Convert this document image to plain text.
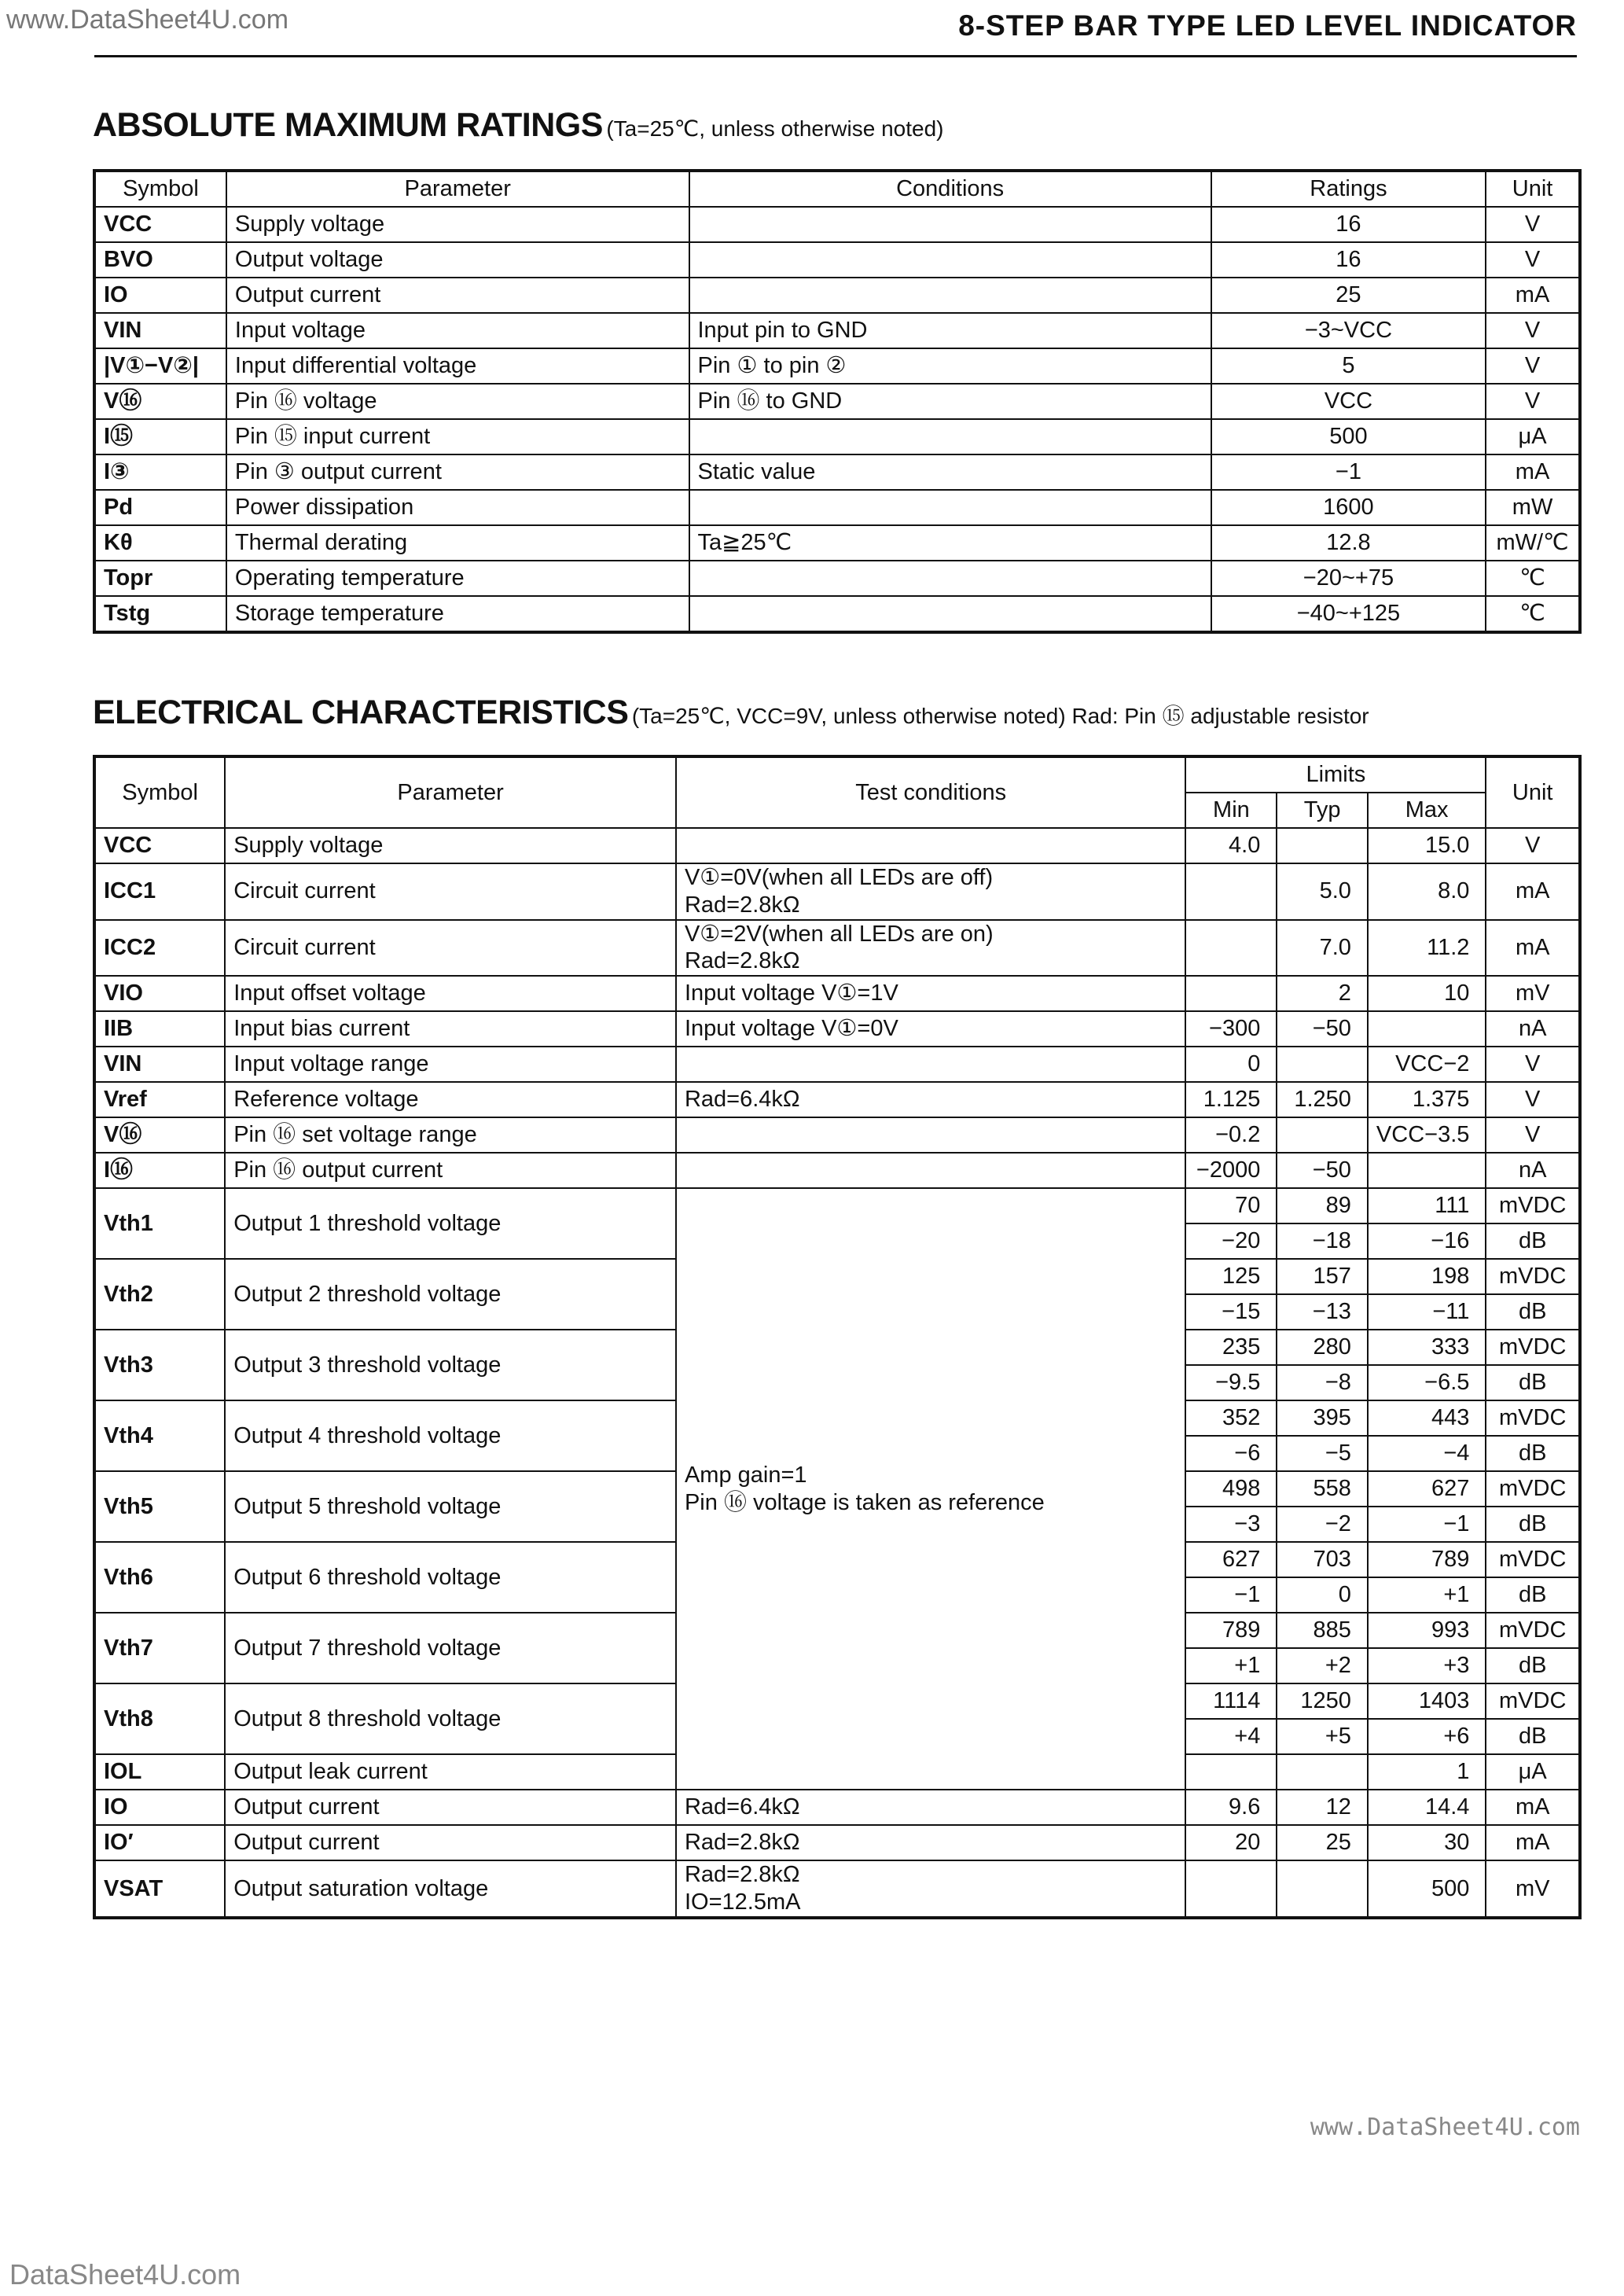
www.DataSheet4U.com	8-STEP BAR TYPE LED LEVEL INDICATOR
ABSOLUTE MAXIMUM RATINGS (Ta=25℃, unless otherwise noted)
Symbol	Parameter	Conditions	Ratings	Unit
VCC	Supply voltage		16	V
BVO	Output voltage		16	V
IO	Output current		25	mA
VIN	Input voltage	Input pin to GND	−3~VCC	V
|V①−V②|	Input differential voltage	Pin ① to pin ②	5	V
V⑯	Pin ⑯ voltage	Pin ⑯ to GND	VCC	V
I⑮	Pin ⑮ input current		500	μA
I③	Pin ③ output current	Static value	−1	mA
Pd	Power dissipation		1600	mW
Kθ	Thermal derating	Ta≧25℃	12.8	mW/℃
Topr	Operating temperature		−20~+75	℃
Tstg	Storage temperature		−40~+125	℃
ELECTRICAL CHARACTERISTICS (Ta=25℃, VCC=9V, unless otherwise noted) Rad: Pin ⑮ adjustable resistor
Symbol	Parameter	Test conditions	Limits			Unit
			Min	Typ	Max	
VCC	Supply voltage		4.0		15.0	V
ICC1	Circuit current	V①=0V(when all LEDs are off)
Rad=2.8kΩ		5.0	8.0	mA
ICC2	Circuit current	V①=2V(when all LEDs are on)
Rad=2.8kΩ		7.0	11.2	mA
VIO	Input offset voltage	Input voltage V①=1V		2	10	mV
IIB	Input bias current	Input voltage V①=0V	−300	−50		nA
VIN	Input voltage range		0		VCC−2	V
Vref	Reference voltage	Rad=6.4kΩ	1.125	1.250	1.375	V
V⑯	Pin ⑯ set voltage range		−0.2		VCC−3.5	V
I⑯	Pin ⑯ output current		−2000	−50		nA
Vth1	Output 1 threshold voltage	Amp gain=1
Pin ⑯ voltage is taken as reference	70	89	111	mVDC
			−20	−18	−16	dB
Vth2	Output 2 threshold voltage		125	157	198	mVDC
			−15	−13	−11	dB
Vth3	Output 3 threshold voltage		235	280	333	mVDC
			−9.5	−8	−6.5	dB
Vth4	Output 4 threshold voltage		352	395	443	mVDC
			−6	−5	−4	dB
Vth5	Output 5 threshold voltage		498	558	627	mVDC
			−3	−2	−1	dB
Vth6	Output 6 threshold voltage		627	703	789	mVDC
			−1	0	+1	dB
Vth7	Output 7 threshold voltage		789	885	993	mVDC
			+1	+2	+3	dB
Vth8	Output 8 threshold voltage		1114	1250	1403	mVDC
			+4	+5	+6	dB
IOL	Output leak current				1	μA
IO	Output current	Rad=6.4kΩ	9.6	12	14.4	mA
IO′	Output current	Rad=2.8kΩ	20	25	30	mA
VSAT	Output saturation voltage	Rad=2.8kΩ
IO=12.5mA			500	mV
www.DataSheet4U.com
DataSheet4U.com
